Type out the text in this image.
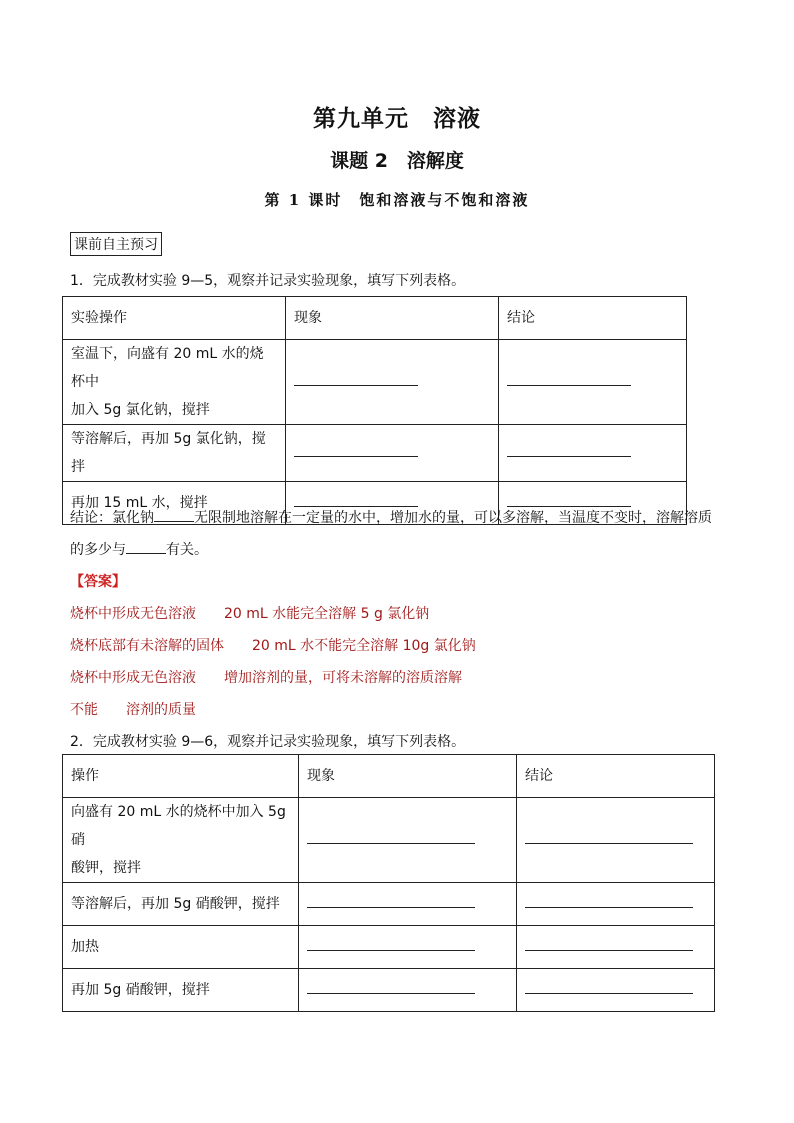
第九单元　溶液
课题 2　溶解度
第 1 课时　饱和溶液与不饱和溶液
课前自主预习
1．完成教材实验 9—5，观察并记录实验现象，填写下列表格。
实验操作	现象	结论

室温下，向盛有 20 mL 水的烧杯中
加入 5g 氯化钠，搅拌		

等溶解后，再加 5g 氯化钠，搅拌		
再加 15 mL 水，搅拌		
结论：氯化钠	无限制地溶解在一定量的水中，增加水的量，可以多溶解，当温度不变时，溶解溶质
的多少与	有关。
【答案】
烧杯中形成无色溶液 20 mL 水能完全溶解 5 g 氯化钠
烧杯底部有未溶解的固体 20 mL 水不能完全溶解 10g 氯化钠
烧杯中形成无色溶液 增加溶剂的量，可将未溶解的溶质溶解
不能 溶剂的质量
2．完成教材实验 9—6，观察并记录实验现象，填写下列表格。
操作	现象	结论

向盛有 20 mL 水的烧杯中加入 5g 硝
酸钾，搅拌		

等溶解后，再加 5g 硝酸钾，搅拌		
加热		
再加 5g 硝酸钾，搅拌		
